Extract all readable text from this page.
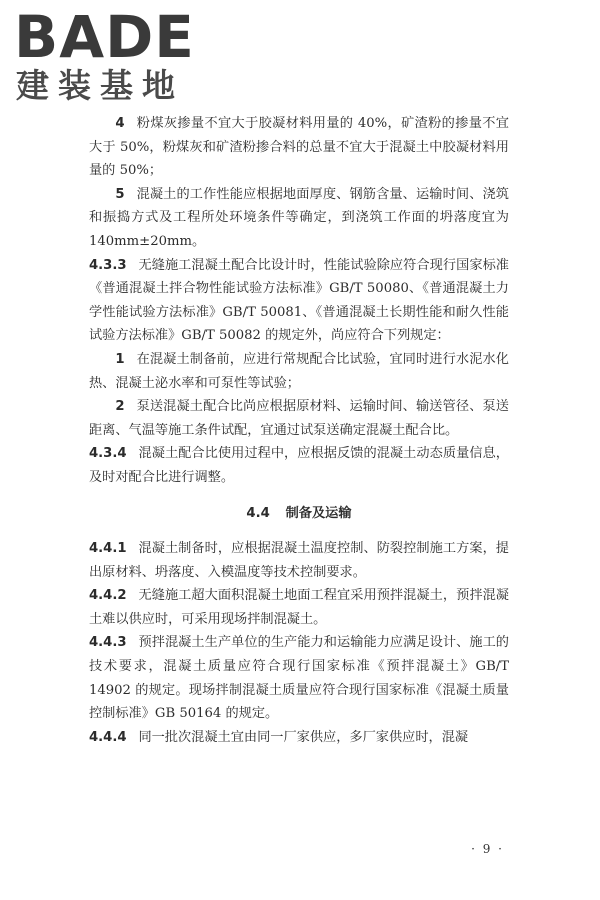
BADE
建装基地

4 粉煤灰掺量不宜大于胶凝材料用量的 40%，矿渣粉的掺量不宜大于 50%，粉煤灰和矿渣粉掺合料的总量不宜大于混凝土中胶凝材料用量的 50%；

5 混凝土的工作性能应根据地面厚度、钢筋含量、运输时间、浇筑和振捣方式及工程所处环境条件等确定，到浇筑工作面的坍落度宜为 140mm±20mm。

4.3.3 无缝施工混凝土配合比设计时，性能试验除应符合现行国家标准《普通混凝土拌合物性能试验方法标准》GB/T 50080、《普通混凝土力学性能试验方法标准》GB/T 50081、《普通混凝土长期性能和耐久性能试验方法标准》GB/T 50082 的规定外，尚应符合下列规定：

1 在混凝土制备前，应进行常规配合比试验，宜同时进行水泥水化热、混凝土泌水率和可泵性等试验；

2 泵送混凝土配合比尚应根据原材料、运输时间、输送管径、泵送距离、气温等施工条件试配，宜通过试泵送确定混凝土配合比。

4.3.4 混凝土配合比使用过程中，应根据反馈的混凝土动态质量信息，及时对配合比进行调整。

4.4 制备及运输

4.4.1 混凝土制备时，应根据混凝土温度控制、防裂控制施工方案，提出原材料、坍落度、入模温度等技术控制要求。

4.4.2 无缝施工超大面积混凝土地面工程宜采用预拌混凝土，预拌混凝土难以供应时，可采用现场拌制混凝土。

4.4.3 预拌混凝土生产单位的生产能力和运输能力应满足设计、施工的技术要求，混凝土质量应符合现行国家标准《预拌混凝土》GB/T 14902 的规定。现场拌制混凝土质量应符合现行国家标准《混凝土质量控制标准》GB 50164 的规定。

4.4.4 同一批次混凝土宜由同一厂家供应，多厂家供应时，混凝

· 9 ·
